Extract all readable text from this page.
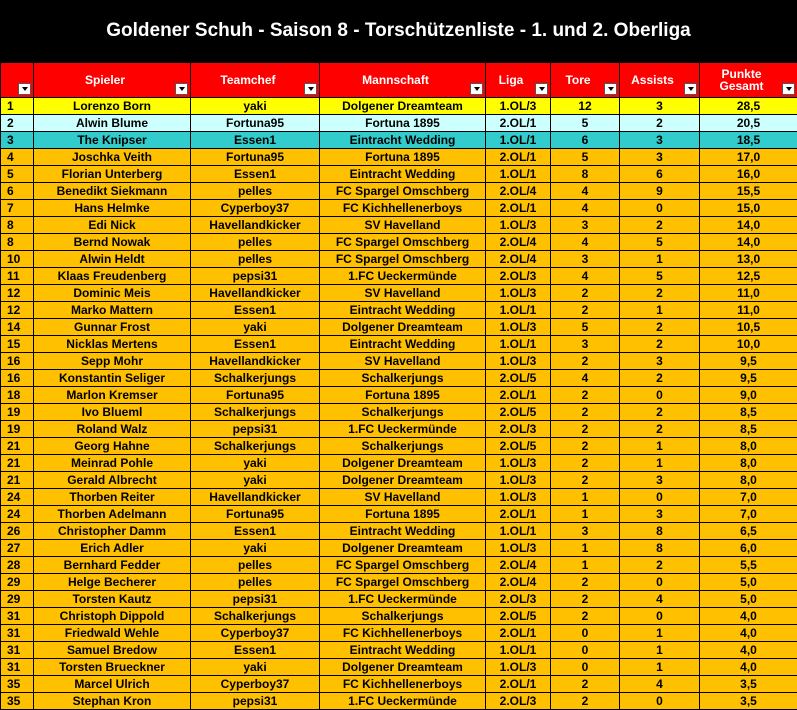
Goldener Schuh - Saison 8 - Torschützenliste - 1. und 2. Oberliga

	Spieler	Teamchef	Mannschaft	Liga	Tore	Assists	Punkte Gesamt

1	Lorenzo Born	yaki	Dolgener Dreamteam	1.OL/3	12	3	28,5
2	Alwin Blume	Fortuna95	Fortuna 1895	2.OL/1	5	2	20,5
3	The Knipser	Essen1	Eintracht Wedding	1.OL/1	6	3	18,5
4	Joschka Veith	Fortuna95	Fortuna 1895	2.OL/1	5	3	17,0
5	Florian Unterberg	Essen1	Eintracht Wedding	1.OL/1	8	6	16,0
6	Benedikt Siekmann	pelles	FC Spargel Omschberg	2.OL/4	4	9	15,5
7	Hans Helmke	Cyperboy37	FC Kichhellenerboys	2.OL/1	4	0	15,0
8	Edi Nick	Havellandkicker	SV Havelland	1.OL/3	3	2	14,0
8	Bernd Nowak	pelles	FC Spargel Omschberg	2.OL/4	4	5	14,0
10	Alwin Heldt	pelles	FC Spargel Omschberg	2.OL/4	3	1	13,0
11	Klaas Freudenberg	pepsi31	1.FC Ueckermünde	2.OL/3	4	5	12,5
12	Dominic Meis	Havellandkicker	SV Havelland	1.OL/3	2	2	11,0
12	Marko Mattern	Essen1	Eintracht Wedding	1.OL/1	2	1	11,0
14	Gunnar Frost	yaki	Dolgener Dreamteam	1.OL/3	5	2	10,5
15	Nicklas Mertens	Essen1	Eintracht Wedding	1.OL/1	3	2	10,0
16	Sepp Mohr	Havellandkicker	SV Havelland	1.OL/3	2	3	9,5
16	Konstantin Seliger	Schalkerjungs	Schalkerjungs	2.OL/5	4	2	9,5
18	Marlon Kremser	Fortuna95	Fortuna 1895	2.OL/1	2	0	9,0
19	Ivo Blueml	Schalkerjungs	Schalkerjungs	2.OL/5	2	2	8,5
19	Roland Walz	pepsi31	1.FC Ueckermünde	2.OL/3	2	2	8,5
21	Georg Hahne	Schalkerjungs	Schalkerjungs	2.OL/5	2	1	8,0
21	Meinrad Pohle	yaki	Dolgener Dreamteam	1.OL/3	2	1	8,0
21	Gerald Albrecht	yaki	Dolgener Dreamteam	1.OL/3	2	3	8,0
24	Thorben Reiter	Havellandkicker	SV Havelland	1.OL/3	1	0	7,0
24	Thorben Adelmann	Fortuna95	Fortuna 1895	2.OL/1	1	3	7,0
26	Christopher Damm	Essen1	Eintracht Wedding	1.OL/1	3	8	6,5
27	Erich Adler	yaki	Dolgener Dreamteam	1.OL/3	1	8	6,0
28	Bernhard Fedder	pelles	FC Spargel Omschberg	2.OL/4	1	2	5,5
29	Helge Becherer	pelles	FC Spargel Omschberg	2.OL/4	2	0	5,0
29	Torsten Kautz	pepsi31	1.FC Ueckermünde	2.OL/3	2	4	5,0
31	Christoph Dippold	Schalkerjungs	Schalkerjungs	2.OL/5	2	0	4,0
31	Friedwald Wehle	Cyperboy37	FC Kichhellenerboys	2.OL/1	0	1	4,0
31	Samuel Bredow	Essen1	Eintracht Wedding	1.OL/1	0	1	4,0
31	Torsten Brueckner	yaki	Dolgener Dreamteam	1.OL/3	0	1	4,0
35	Marcel Ulrich	Cyperboy37	FC Kichhellenerboys	2.OL/1	2	4	3,5
35	Stephan Kron	pepsi31	1.FC Ueckermünde	2.OL/3	2	0	3,5
